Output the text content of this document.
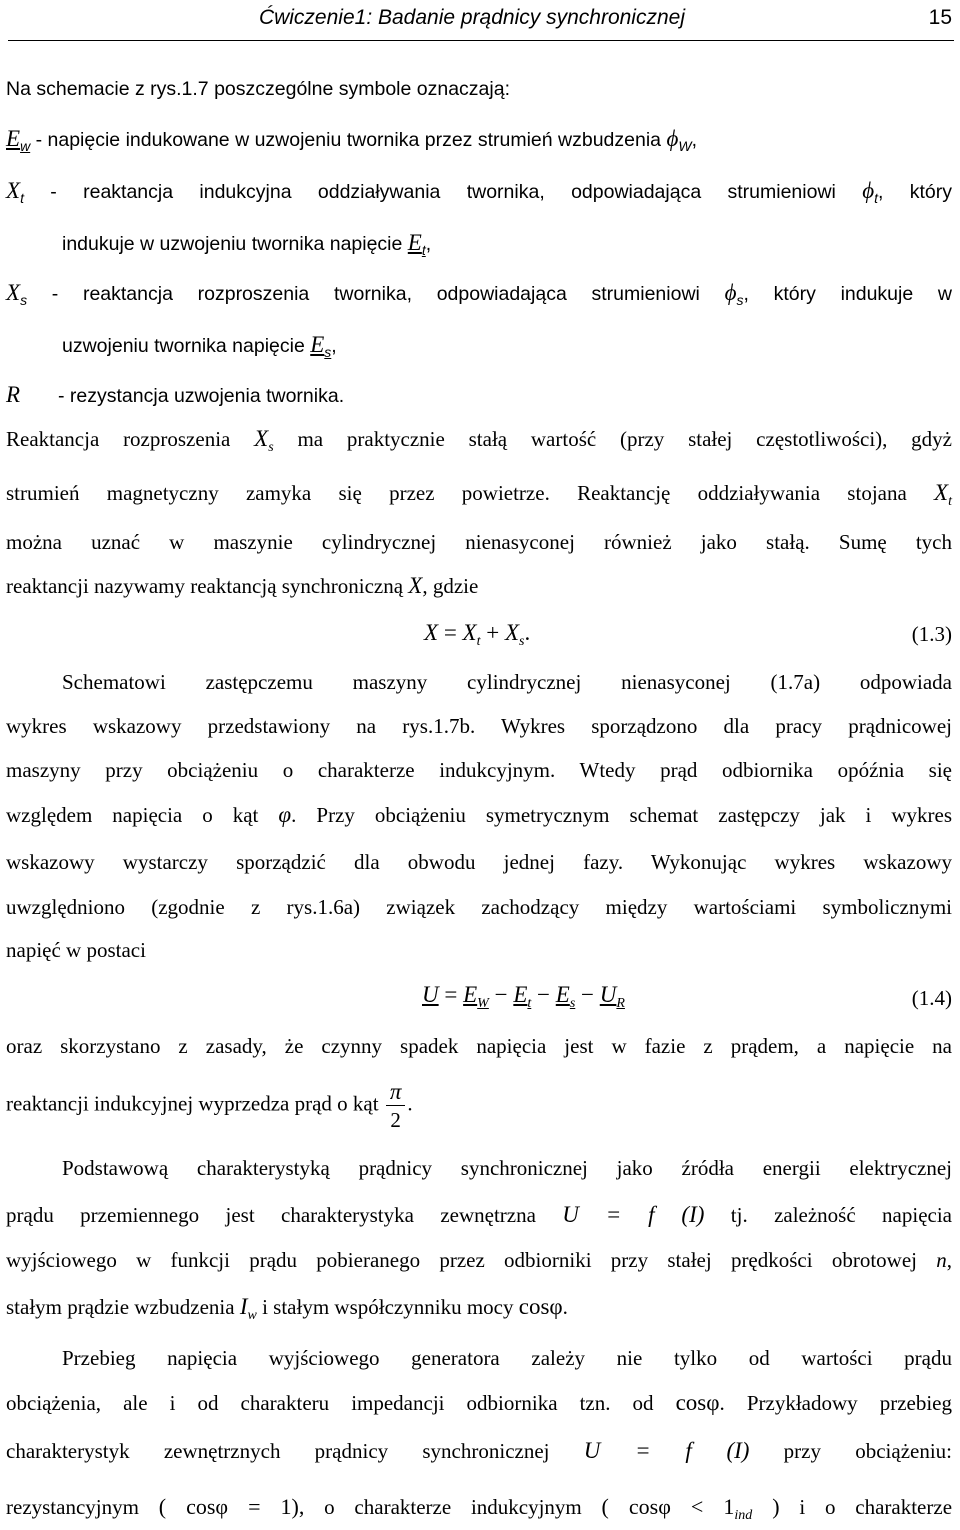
Ćwiczenie1: Badanie prądnicy synchronicznej	15
Na schemacie z rys.1.7 poszczególne symbole oznaczają:
$E_w$ - napięcie indukowane w uzwojeniu twornika przez strumień wzbudzenia $\phi_W$,
$X_t$ - reaktancja indukcyjna oddziaływania twornika, odpowiadająca strumieniowi $\phi_t$, który
indukuje w uzwojeniu twornika napięcie $E_t$,
$X_s$ - reaktancja rozproszenia twornika, odpowiadająca strumieniowi $\phi_s$, który indukuje w
uzwojeniu twornika napięcie $E_s$,
R - rezystancja uzwojenia twornika.
Reaktancja rozproszenia $X_s$ ma praktycznie stałą wartość (przy stałej częstotliwości), gdyż
strumień magnetyczny zamyka się przez powietrze. Reaktancję oddziaływania stojana $X_t$
można uznać w maszynie cylindrycznej nienasyconej również jako stałą. Sumę tych
reaktancji nazywamy reaktancją synchroniczną X, gdzie
$X = X_t + X_s$.	(1.3)
Schematowi zastępczemu maszyny cylindrycznej nienasyconej (1.7a) odpowiada
wykres wskazowy przedstawiony na rys.1.7b. Wykres sporządzono dla pracy prądnicowej
maszyny przy obciążeniu o charakterze indukcyjnym. Wtedy prąd odbiornika opóźnia się
względem napięcia o kąt φ. Przy obciążeniu symetrycznym schemat zastępczy jak i wykres
wskazowy wystarczy sporządzić dla obwodu jednej fazy. Wykonując wykres wskazowy
uwzględniono (zgodnie z rys.1.6a) związek zachodzący między wartościami symbolicznymi
napięć w postaci
$U = E_W - E_t - E_s - U_R$	(1.4)
oraz skorzystano z zasady, że czynny spadek napięcia jest w fazie z prądem, a napięcie na
reaktancji indukcyjnej wyprzedza prąd o kąt $\frac{\pi}{2}$ .
Podstawową charakterystyką prądnicy synchronicznej jako źródła energii elektrycznej
prądu przemiennego jest charakterystyka zewnętrzna U = f (I) tj. zależność napięcia
wyjściowego w funkcji prądu pobieranego przez odbiorniki przy stałej prędkości obrotowej n,
stałym prądzie wzbudzenia $I_w$ i stałym współczynniku mocy cosφ.
Przebieg napięcia wyjściowego generatora zależy nie tylko od wartości prądu
obciążenia, ale i od charakteru impedancji odbiornika tzn. od cosφ. Przykładowy przebieg
charakterystyk zewnętrznych prądnicy synchronicznej U = f (I) przy obciążeniu:
rezystancyjnym ( cosφ = 1), o charakterze indukcyjnym ( $\cos\varphi < 1_{ind}$ ) i o charakterze
